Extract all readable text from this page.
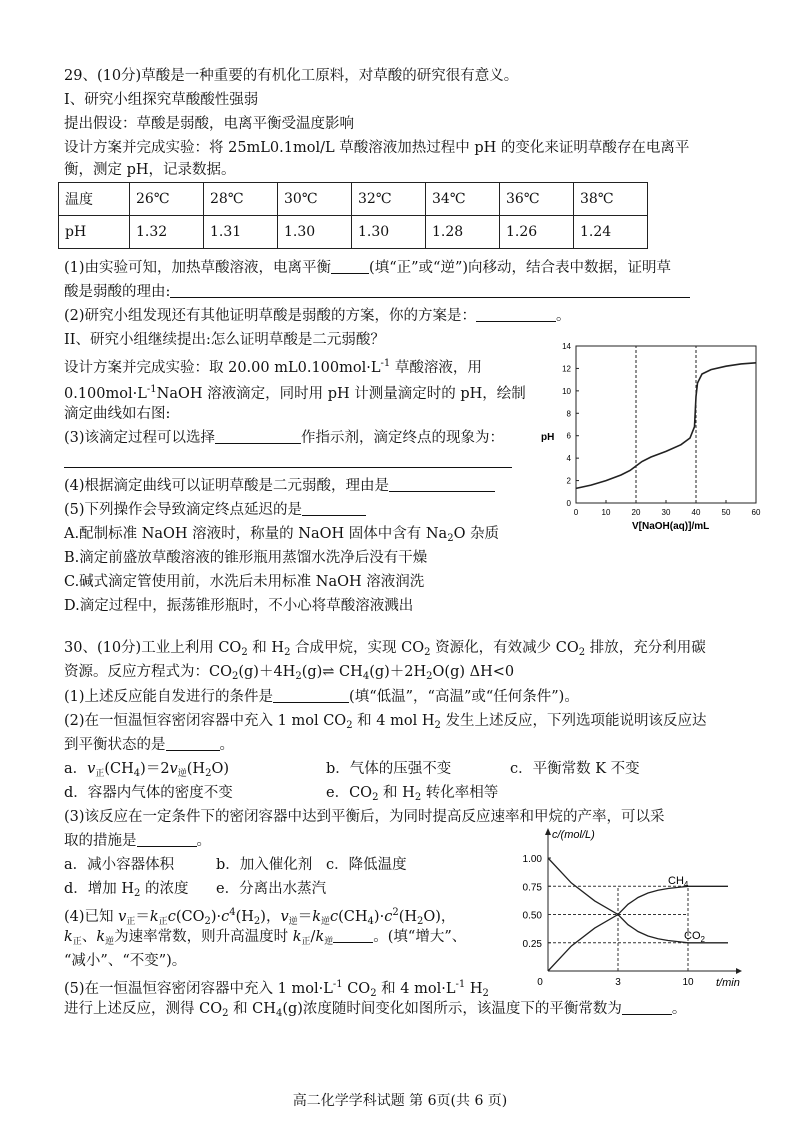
29、(10分)草酸是一种重要的有机化工原料，对草酸的研究很有意义。
I、研究小组探究草酸酸性强弱
提出假设：草酸是弱酸，电离平衡受温度影响
设计方案并完成实验：将 25mL0.1mol/L 草酸溶液加热过程中 pH 的变化来证明草酸存在电离平
衡，测定 pH，记录数据。
温度	26℃	28℃	30℃	32℃	34℃	36℃	38℃
pH	1.32	1.31	1.30	1.30	1.28	1.26	1.24
(1)由实验可知，加热草酸溶液，电离平衡	(填“正”或“逆”)向移动，结合表中数据，证明草
酸是弱酸的理由:
(2)研究小组发现还有其他证明草酸是弱酸的方案，你的方案是：	。
II、研究小组继续提出:怎么证明草酸是二元弱酸？
设计方案并完成实验：取 20.00 $mL0.100mol\cdot L^{-1}$ 草酸溶液，用
$0.100mol\cdot L^{-1}NaOH$ 溶液滴定，同时用 pH 计测量滴定时的 pH，绘制
滴定曲线如右图:
(3)该滴定过程可以选择	作指示剂，滴定终点的现象为：
(4)根据滴定曲线可以证明草酸是二元弱酸，理由是
(5)下列操作会导致滴定终点延迟的是
A.配制标准 NaOH 溶液时，称量的 NaOH 固体中含有 $Na_2O$ 杂质
B.滴定前盛放草酸溶液的锥形瓶用蒸馏水洗净后没有干燥
C.碱式滴定管使用前，水洗后未用标准 NaOH 溶液润洗
D.滴定过程中，振荡锥形瓶时，不小心将草酸溶液溅出
pH
V[NaOH(aq)]/mL
0	10	20	30	40	50	60
0
2
4
6
8
10
12
14
30、(10分)工业上利用 $CO_2$ 和 $H_2$ 合成甲烷，实现 $CO_2$ 资源化，有效减少 $CO_2$ 排放，充分利用碳
资源。反应方程式为：$CO_2(g)+4H_2(g)\rightleftharpoons$ $CH_4(g)+2H_2O(g)$ ΔH<0
(1)上述反应能自发进行的条件是	(填“低温”，“高温”或“任何条件”)。
(2)在一恒温恒容密闭容器中充入 1 mol $CO_2$ 和 4 mol $H_2$ 发生上述反应，下列选项能说明该反应达
到平衡状态的是	。
a．$v_正(CH_4)=2v_逆(H_2O)$	b．气体的压强不变	c．平衡常数 K 不变
d．容器内气体的密度不变	e．$CO_2$ 和 $H_2$ 转化率相等
(3)该反应在一定条件下的密闭容器中达到平衡后，为同时提高反应速率和甲烷的产率，可以采
取的措施是	。
a．减小容器体积	b．加入催化剂 c．降低温度
d．增加 $H_2$ 的浓度 e．分离出水蒸汽
(4)已知 $v_正=k_正c(CO_2)\cdot c^4(H_2)$，$v_逆=k_逆c(CH_4)\cdot c^2(H_2O)$，
$k_正$、$k_逆$为速率常数，则升高温度时 $k_正/k_逆$	。(填“增大”、
“减小”、“不变”)。
(5)在一恒温恒容密闭容器中充入 1 $mol\cdot L^{-1}$ $CO_2$ 和 4 $mol\cdot L^{-1}$ $H_2$
进行上述反应，测得 $CO_2$ 和 $CH_4(g)$浓度随时间变化如图所示，该温度下的平衡常数为	。
c/(mol/L)
t/min
0.25
0.50
0.75
1.00
0	3	10
$CH_4$
$CO_2$
高二化学学科试题 第 6页(共 6 页)
